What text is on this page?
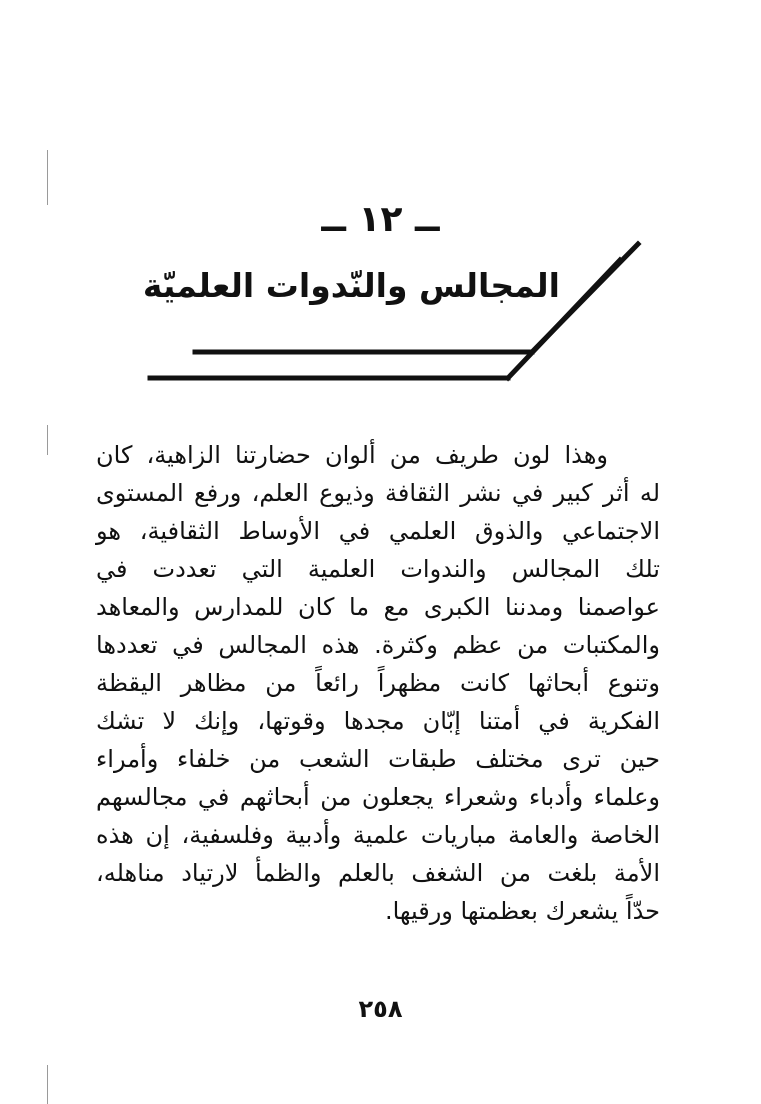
ــ ١٢ ــ
المجالس والنّدوات العلميّة
وهذا لون طريف من ألوان حضارتنا الزاهية، كان
له أثر كبير في نشر الثقافة وذيوع العلم، ورفع المستوى
الاجتماعي والذوق العلمي في الأوساط الثقافية، هو
تلك المجالس والندوات العلمية التي تعددت في
عواصمنا ومدننا الكبرى مع ما كان للمدارس والمعاهد
والمكتبات من عظم وكثرة. هذه المجالس في تعددها
وتنوع أبحاثها كانت مظهراً رائعاً من مظاهر اليقظة
الفكرية في أمتنا إبّان مجدها وقوتها، وإنك لا تشك
حين ترى مختلف طبقات الشعب من خلفاء وأمراء
وعلماء وأدباء وشعراء يجعلون من أبحاثهم في مجالسهم
الخاصة والعامة مباريات علمية وأدبية وفلسفية، إن هذه
الأمة بلغت من الشغف بالعلم والظمأ لارتياد مناهله،
حدّاً يشعرك بعظمتها ورقيها.
٢٥٨
